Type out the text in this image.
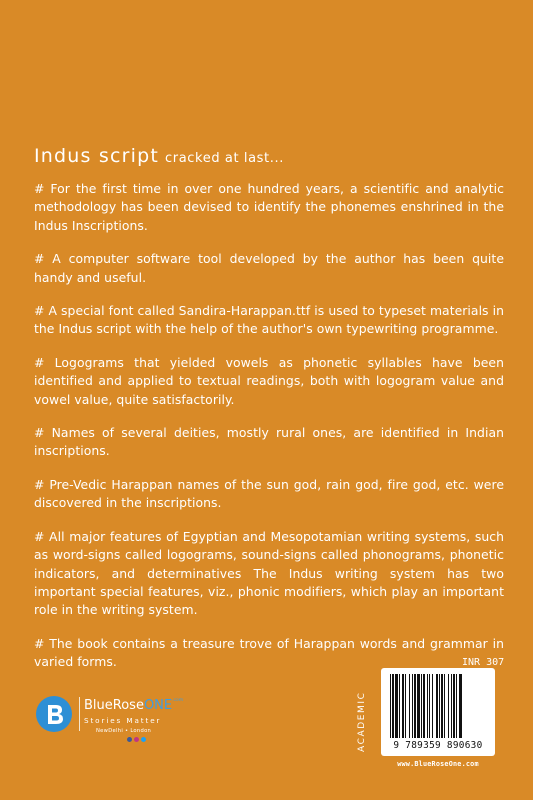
Indus script cracked at last...

# For the first time in over one hundred years, a scientific and analytic methodology has been devised to identify the phonemes enshrined in the Indus Inscriptions.

# A computer software tool developed by the author has been quite handy and useful.

# A special font called Sandira-Harappan.ttf is used to typeset materials in the Indus script with the help of the author's own typewriting programme.

# Logograms that yielded vowels as phonetic syllables have been identified and applied to textual readings, both with logogram value and vowel value, quite satisfactorily.

# Names of several deities, mostly rural ones, are identified in Indian inscriptions.

# Pre-Vedic Harappan names of the sun god, rain god, fire god, etc. were discovered in the inscriptions.

# All major features of Egyptian and Mesopotamian writing systems, such as word-signs called logograms, sound-signs called phonograms, phonetic indicators, and determinatives The Indus writing system has two important special features, viz., phonic modifiers, which play an important role in the writing system.

# The book contains a treasure trove of Harappan words and grammar in varied forms.

BlueRoseONE$^{.com}$
Stories Matter
NewDelhi • London
INR 307
ACADEMIC	9 789359 890630
www.BlueRoseOne.com
